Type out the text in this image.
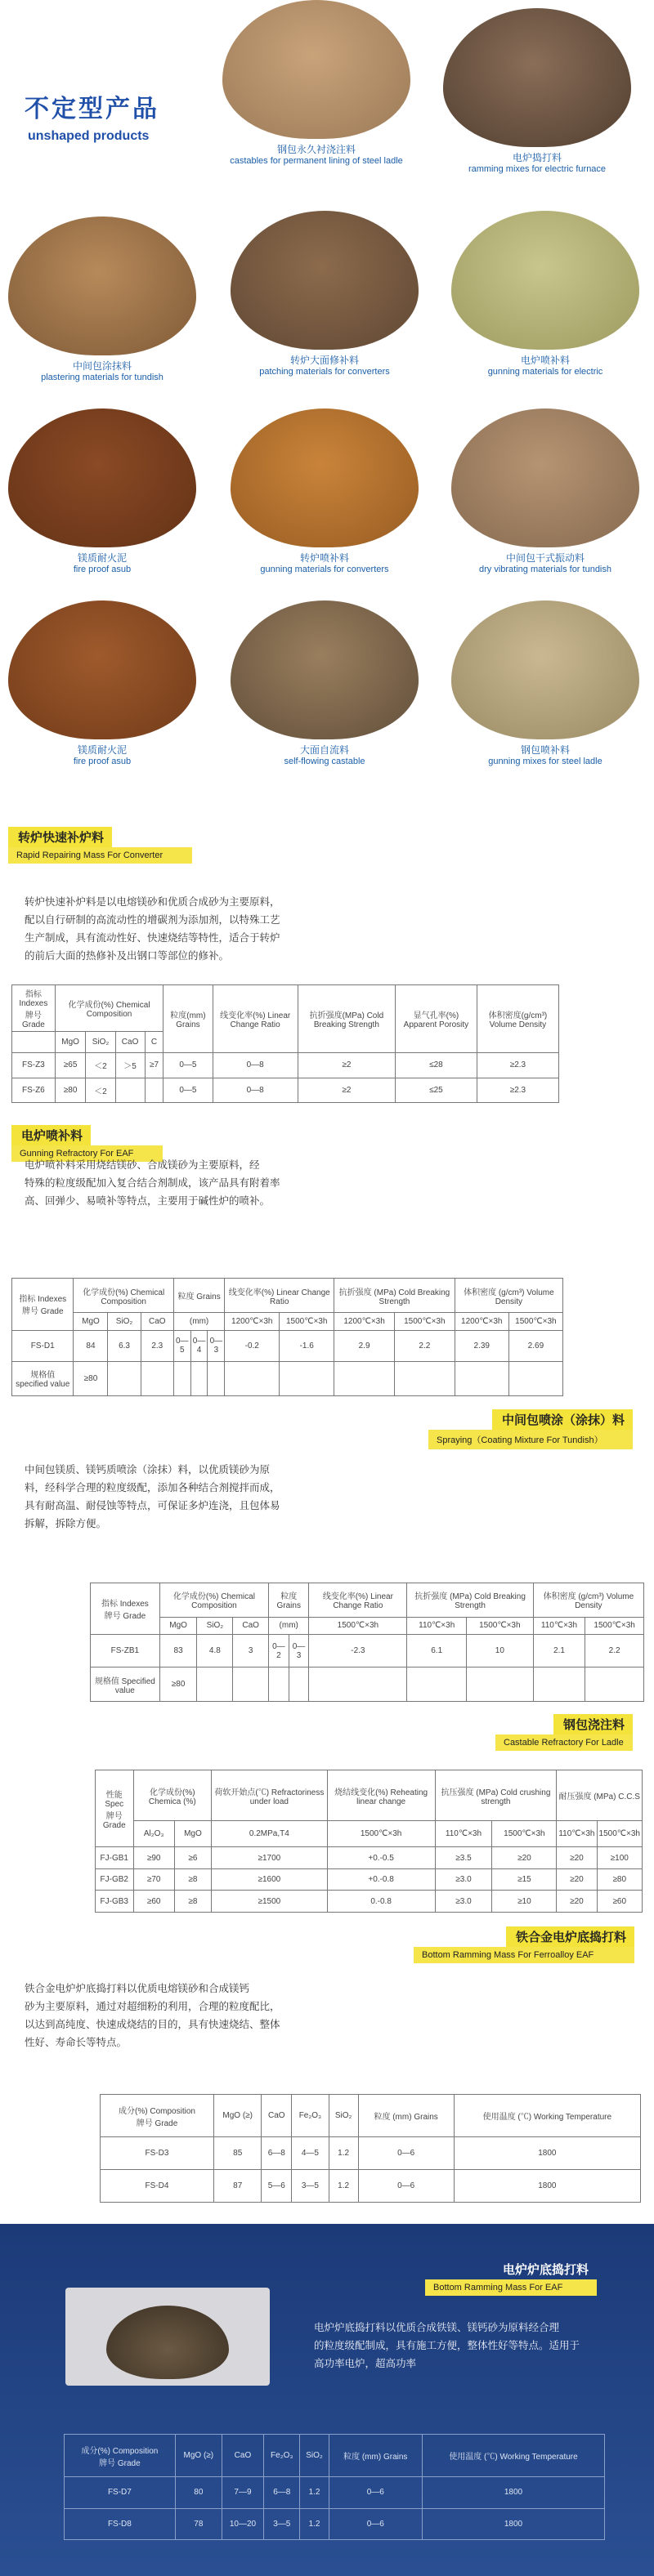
不定型产品
unshaped products
钢包永久衬浇注料
castables for permanent lining of steel ladle	电炉捣打料
ramming mixes for electric furnace
中间包涂抹料
plastering materials for tundish
转炉大面修补料
patching materials for converters
电炉喷补料
gunning materials for electric
镁质耐火泥
fire proof asub
转炉喷补料
gunning materials for converters
中间包干式振动料
dry vibrating materials for tundish
镁质耐火泥
fire proof asub
大面自流料
self-flowing castable
钢包喷补料
gunning mixes for steel ladle
转炉快速补炉料
Rapid Repairing Mass For Converter
转炉快速补炉料是以电熔镁砂和优质合成砂为主要原料，
配以自行研制的高流动性的增碳剂为添加剂，以特殊工艺
生产制成，具有流动性好、快速烧结等特性，适合于转炉
的前后大面的热修补及出钢口等部位的修补。
指标 Indexes
牌号 Grade	化学成份(%) Chemical Composition				粒度(mm) Grains	线变化率(%) Linear Change Ratio	抗折强度(MPa) Cold Breaking Strength	显气孔率(%) Apparent Porosity	体积密度(g/cm³) Volume Density
	MgO	SiO₂	CaO	C					
FS-Z3	≥65	＜2	＞5	≥7	0—5	0—8	≥2	≤28	≥2.3
FS-Z6	≥80	＜2			0—5	0—8	≥2	≤25	≥2.3
电炉喷补料
Gunning Refractory For EAF
电炉喷补料采用烧结镁砂、合成镁砂为主要原料，经
特殊的粒度级配加入复合结合剂制成，该产品具有附着率
高、回弹少、易喷补等特点，主要用于碱性炉的喷补。
指标 Indexes
牌号 Grade	化学成份(%) Chemical Composition			粒度 Grains			线变化率(%) Linear Change Ratio		抗折强度 (MPa) Cold Breaking Strength		体积密度 (g/cm³) Volume Density	
	MgO	SiO₂	CaO	(mm)			1200℃×3h	1500℃×3h	1200℃×3h	1500℃×3h	1200℃×3h	1500℃×3h
FS-D1	84	6.3	2.3	0—5	0—4	0—3	-0.2	-1.6	2.9	2.2	2.39	2.69
规格值 specified value	≥80											
中间包喷涂（涂抹）料
Spraying（Coating Mixture For Tundish）
中间包镁质、镁钙质喷涂（涂抹）料，以优质镁砂为原
料，经科学合理的粒度级配，添加各种结合剂搅拌而成，
具有耐高温、耐侵蚀等特点，可保证多炉连浇，且包体易
拆解，拆除方便。
指标 Indexes
牌号 Grade	化学成份(%) Chemical Composition			粒度 Grains		线变化率(%) Linear Change Ratio	抗折强度 (MPa) Cold Breaking Strength		体积密度 (g/cm³) Volume Density	
	MgO	SiO₂	CaO	(mm)		1500℃×3h	110℃×3h	1500℃×3h	110℃×3h	1500℃×3h
FS-ZB1	83	4.8	3	0—2	0—3	-2.3	6.1	10	2.1	2.2
规格值 Specified value	≥80									
钢包浇注料
Castable Refractory For Ladle
性能 Spec
牌号 Grade	化学成份(%) Chemica (%)		荷软开始点(℃) Refractoriness under load	烧结线变化(%) Reheating linear change	抗压强度 (MPa) Cold crushing strength		耐压强度 (MPa) C.C.S	
	Al₂O₃	MgO	0.2MPa,T4	1500℃×3h	110℃×3h	1500℃×3h	110℃×3h	1500℃×3h
FJ-GB1	≥90	≥6	≥1700	+0.-0.5	≥3.5	≥20	≥20	≥100
FJ-GB2	≥70	≥8	≥1600	+0.-0.8	≥3.0	≥15	≥20	≥80
FJ-GB3	≥60	≥8	≥1500	0.-0.8	≥3.0	≥10	≥20	≥60
铁合金电炉底捣打料
Bottom Ramming Mass For Ferroalloy EAF
铁合金电炉炉底捣打料以优质电熔镁砂和合成镁钙
砂为主要原料，通过对超细粉的利用，合理的粒度配比，
以达到高纯度、快速成烧结的目的，具有快速烧结、整体
性好、寿命长等特点。
成分(%) Composition
牌号 Grade	MgO (≥)	CaO	Fe₂O₃	SiO₂	粒度 (mm) Grains	使用温度 (℃) Working Temperature
FS-D3	85	6—8	4—5	1.2	0—6	1800
FS-D4	87	5—6	3—5	1.2	0—6	1800
电炉炉底捣打料
Bottom Ramming Mass For EAF
电炉炉底捣打料以优质合成铁镁、镁钙砂为原料经合理
的粒度级配制成，具有施工方便，整体性好等特点。适用于
高功率电炉，超高功率
成分(%) Composition
牌号 Grade	MgO (≥)	CaO	Fe₂O₃	SiO₂	粒度 (mm) Grains	使用温度 (℃) Working Temperature
FS-D7	80	7—9	6—8	1.2	0—6	1800
FS-D8	78	10—20	3—5	1.2	0—6	1800
